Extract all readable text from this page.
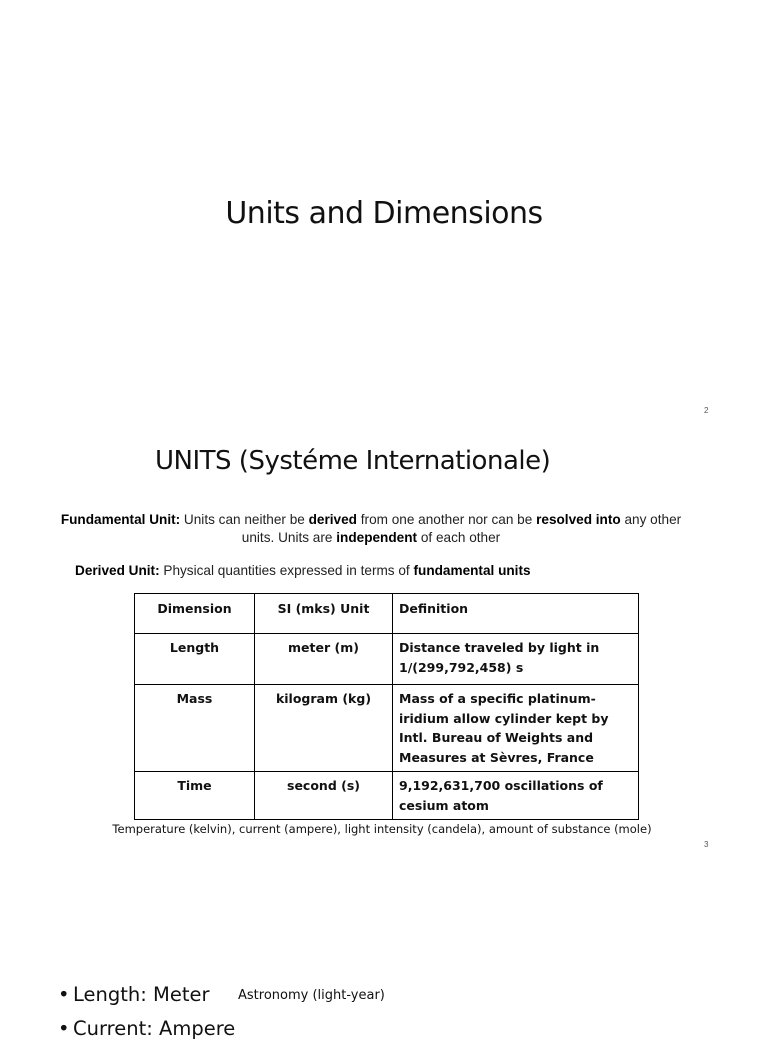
Units and Dimensions
2
UNITS (Systéme Internationale)
Fundamental Unit: Units can neither be derived from one another nor can be resolved into any other units. Units are independent of each other
Derived Unit: Physical quantities expressed in terms of fundamental units
Dimension	SI (mks) Unit	Definition
Length	meter (m)	Distance traveled by light in 1/(299,792,458) s
Mass	kilogram (kg)	Mass of a specific platinum-iridium allow cylinder kept by Intl. Bureau of Weights and Measures at Sèvres, France
Time	second (s)	9,192,631,700 oscillations of cesium atom
Temperature (kelvin), current (ampere), light intensity (candela), amount of substance (mole)
3
• Length: Meter
• Current: Ampere
Astronomy (light-year)
